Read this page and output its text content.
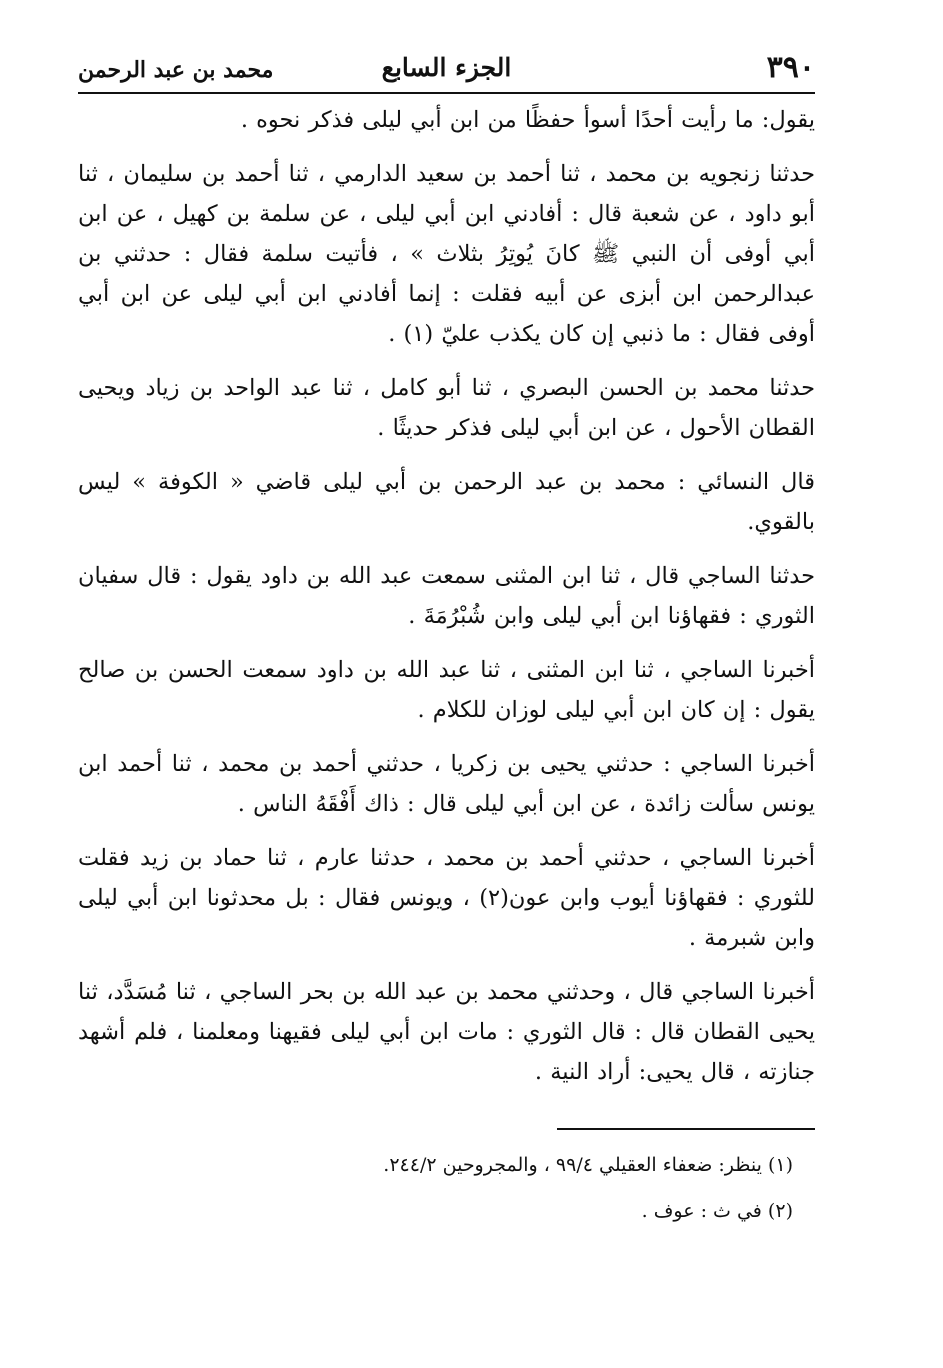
٣٩٠
الجزء السابع
محمد بن عبد الرحمن

يقول: ما رأيت أحدًا أسوأ حفظًا من ابن أبي ليلى فذكر نحوه .

حدثنا زنجويه بن محمد ، ثنا أحمد بن سعيد الدارمي ، ثنا أحمد بن سليمان ، ثنا أبو داود ، عن شعبة قال : أفادني ابن أبي ليلى ، عن سلمة بن كهيل ، عن ابن أبي أوفى أن النبي ﷺ كانَ يُوتِرُ بثلاث » ، فأتيت سلمة فقال : حدثني بن عبدالرحمن ابن أبزى عن أبيه فقلت : إنما أفادني ابن أبي ليلى عن ابن أبي أوفى فقال : ما ذنبي إن كان يكذب عليّ (١) .

حدثنا محمد بن الحسن البصري ، ثنا أبو كامل ، ثنا عبد الواحد بن زياد ويحيى القطان الأحول ، عن ابن أبي ليلى فذكر حديثًا .

قال النسائي : محمد بن عبد الرحمن بن أبي ليلى قاضي « الكوفة » ليس بالقوي.

حدثنا الساجي قال ، ثنا ابن المثنى سمعت عبد الله بن داود يقول : قال سفيان الثوري : فقهاؤنا ابن أبي ليلى وابن شُبْرُمَةَ .

أخبرنا الساجي ، ثنا ابن المثنى ، ثنا عبد الله بن داود سمعت الحسن بن صالح يقول : إن كان ابن أبي ليلى لوزان للكلام .

أخبرنا الساجي : حدثني يحيى بن زكريا ، حدثني أحمد بن محمد ، ثنا أحمد ابن يونس سألت زائدة ، عن ابن أبي ليلى قال : ذاك أَفْقَهُ الناس .

أخبرنا الساجي ، حدثني أحمد بن محمد ، حدثنا عارم ، ثنا حماد بن زيد فقلت للثوري : فقهاؤنا أيوب وابن عون(٢) ، ويونس فقال : بل محدثونا ابن أبي ليلى وابن شبرمة .

أخبرنا الساجي قال ، وحدثني محمد بن عبد الله بن بحر الساجي ، ثنا مُسَدَّد، ثنا يحيى القطان قال : قال الثوري : مات ابن أبي ليلى فقيهنا ومعلمنا ، فلم أشهد جنازته ، قال يحيى: أراد النية .

(١) ينظر: ضعفاء العقيلي ٩٩/٤ ، والمجروحين ٢٤٤/٢.

(٢) في ث : عوف .
